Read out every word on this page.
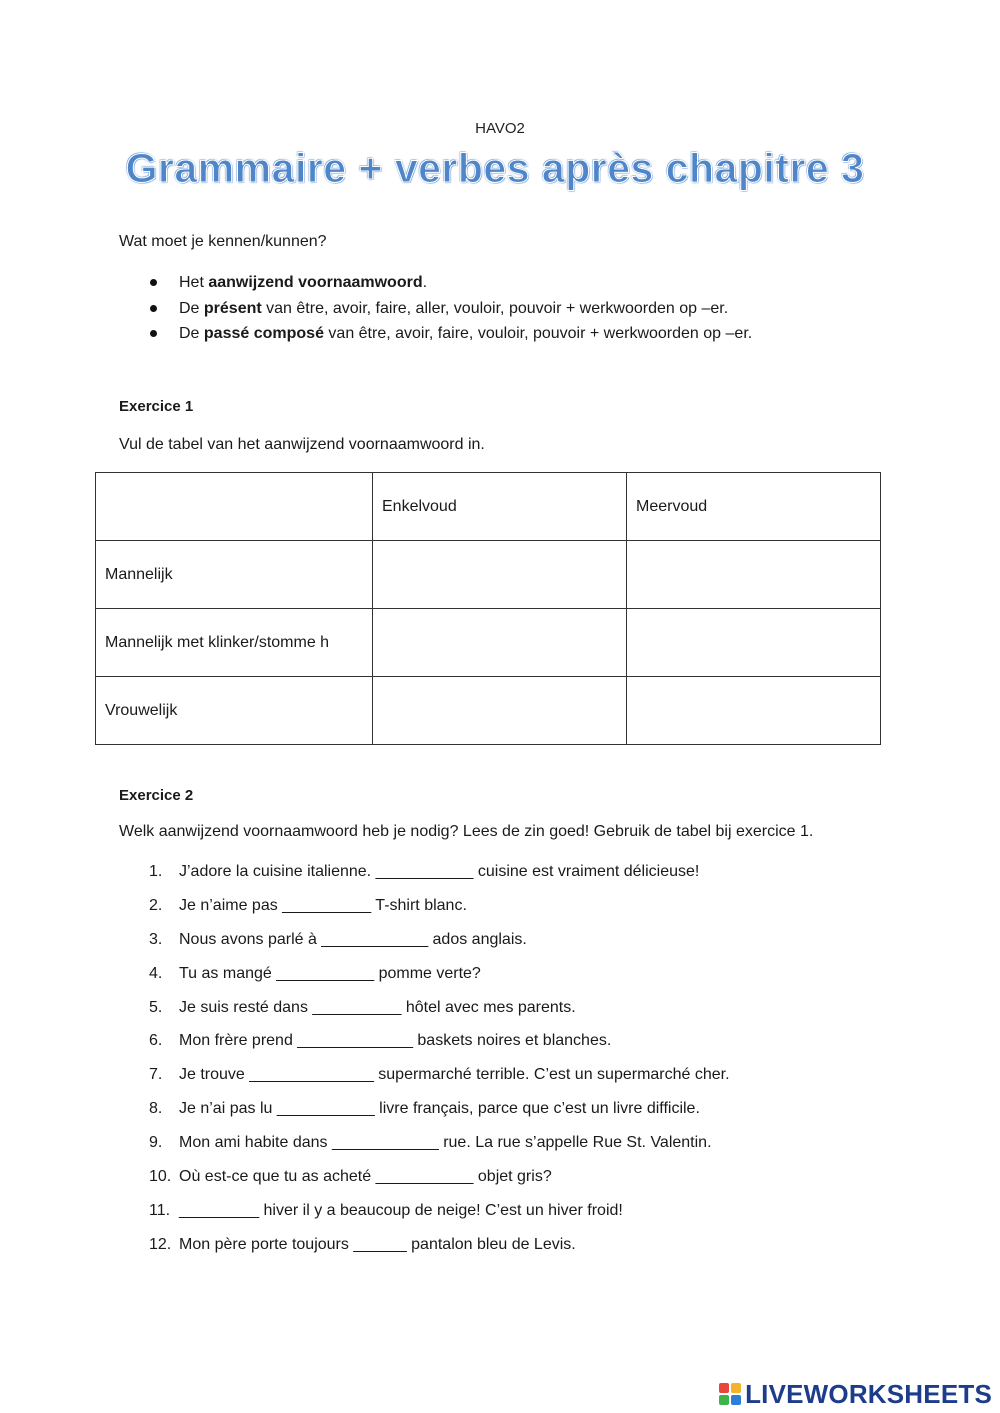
HAVO2
Grammaire + verbes après chapitre 3
Wat moet je kennen/kunnen?
Het aanwijzend voornaamwoord.
De présent van être, avoir, faire, aller, vouloir, pouvoir + werkwoorden op –er.
De passé composé van être, avoir, faire, vouloir, pouvoir + werkwoorden op –er.
Exercice 1
Vul de tabel van het aanwijzend voornaamwoord in.
	Enkelvoud	Meervoud
Mannelijk		
Mannelijk met klinker/stomme h		
Vrouwelijk		
Exercice 2
Welk aanwijzend voornaamwoord heb je nodig? Lees de zin goed! Gebruik de tabel bij exercice 1.
1. J’adore la cuisine italienne. ___________ cuisine est vraiment délicieuse!
2. Je n’aime pas __________ T-shirt blanc.
3. Nous avons parlé à ____________ ados anglais.
4. Tu as mangé ___________ pomme verte?
5. Je suis resté dans __________ hôtel avec mes parents.
6. Mon frère prend _____________ baskets noires et blanches.
7. Je trouve ______________ supermarché terrible. C’est un supermarché cher.
8. Je n’ai pas lu ___________ livre français, parce que c’est un livre difficile.
9. Mon ami habite dans ____________ rue. La rue s’appelle Rue St. Valentin.
10. Où est-ce que tu as acheté ___________ objet gris?
11. _________ hiver il y a beaucoup de neige! C’est un hiver froid!
12. Mon père porte toujours ______ pantalon bleu de Levis.
LIVEWORKSHEETS
